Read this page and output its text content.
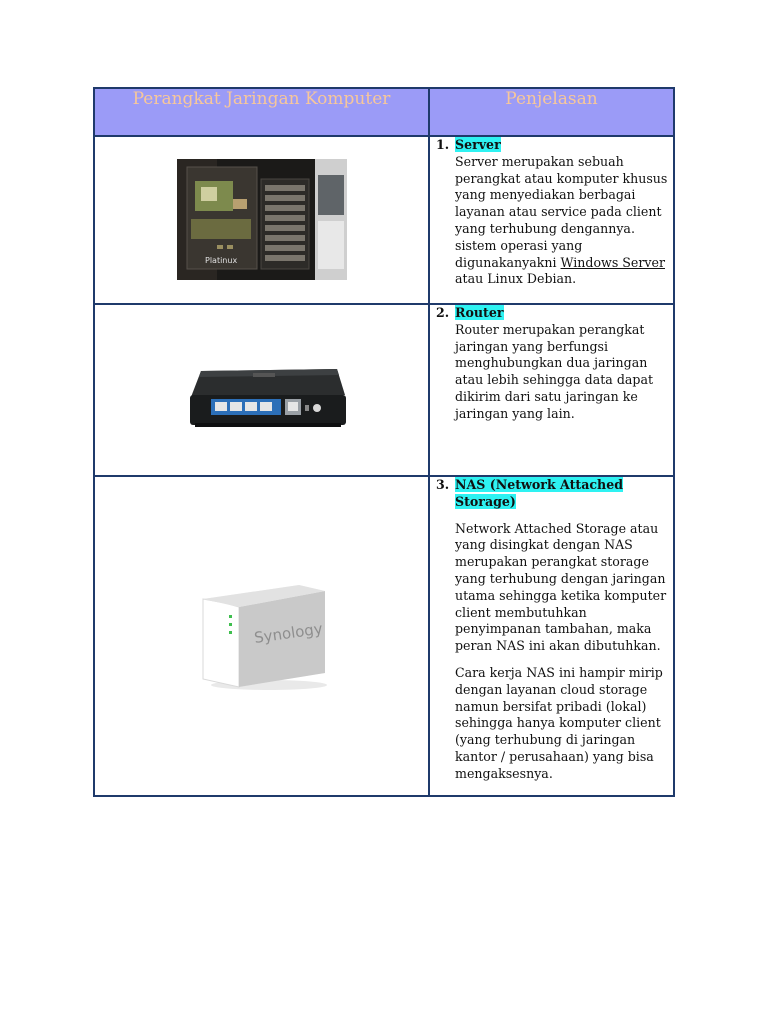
Perangkat Jaringan Komputer	Penjelasan

Platinux	1. Server
Server merupakan sebuah perangkat atau komputer khusus yang menyediakan berbagai layanan atau service pada client yang terhubung dengannya. sistem operasi yang digunakanyakni Windows Server atau Linux Debian.

2. Router

Router merupakan perangkat jaringan yang berfungsi menghubungkan dua jaringan atau lebih sehingga data dapat dikirim dari satu jaringan ke jaringan yang lain.

Synology	3. NAS (Network Attached Storage)

Network Attached Storage atau yang disingkat dengan NAS merupakan perangkat storage yang terhubung dengan jaringan utama sehingga ketika komputer client membutuhkan penyimpanan tambahan, maka peran NAS ini akan dibutuhkan.

Cara kerja NAS ini hampir mirip dengan layanan cloud storage namun bersifat pribadi (lokal) sehingga hanya komputer client (yang terhubung di jaringan kantor / perusahaan) yang bisa mengaksesnya.
